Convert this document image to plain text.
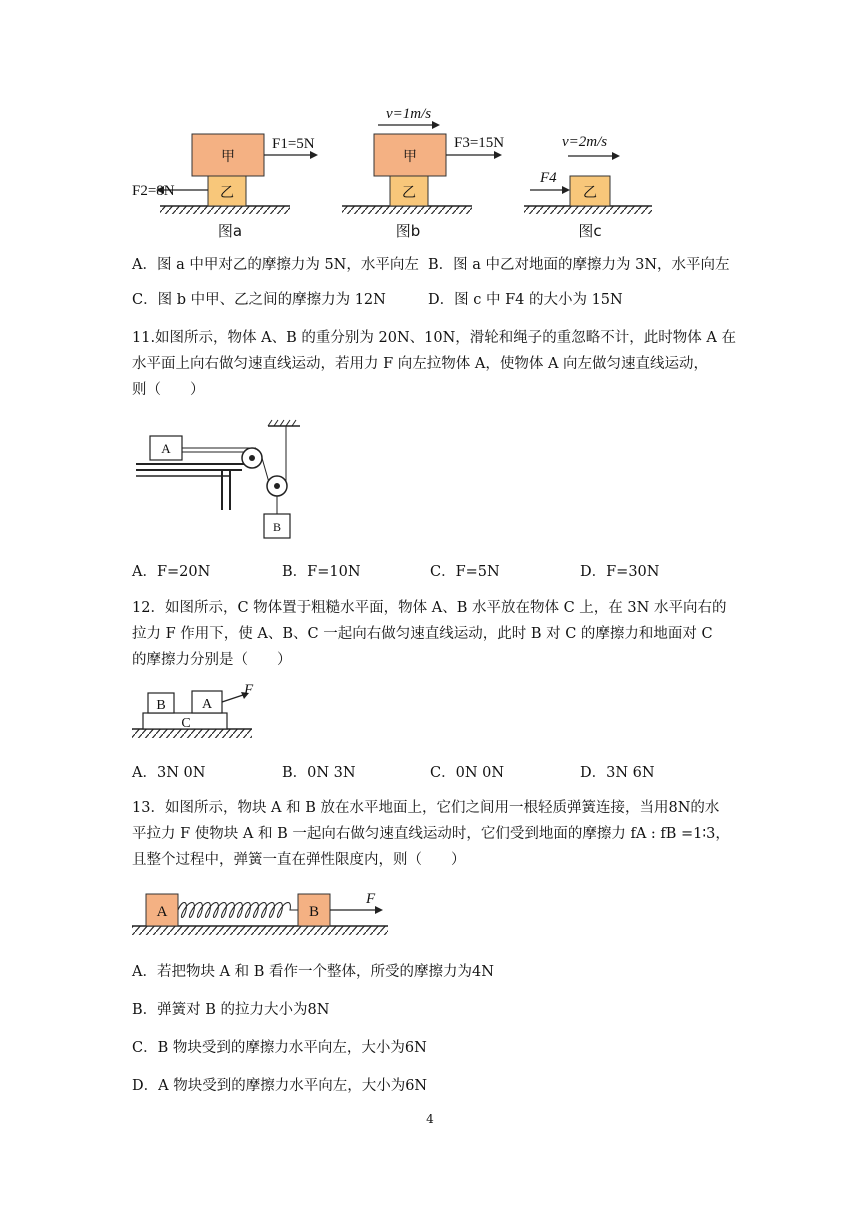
甲
乙
F1=5N
F2=8N
图a
v=1m/s
甲
乙
F3=15N
图b
v=2m/s
乙
F4
图c
A．图 a 中甲对乙的摩擦力为 5N，水平向左 B．图 a 中乙对地面的摩擦力为 3N，水平向左
C．图 b 中甲、乙之间的摩擦力为 12N	D．图 c 中 F4 的大小为 15N
11.如图所示，物体 A、B 的重分别为 20N、10N，滑轮和绳子的重忽略不计，此时物体 A 在
水平面上向右做匀速直线运动，若用力 F 向左拉物体 A，使物体 A 向左做匀速直线运动，
则（　　）
A
B
A．F=20N	B．F=10N	C．F=5N	D．F=30N
12．如图所示，C 物体置于粗糙水平面，物体 A、B 水平放在物体 C 上，在 3N 水平向右的
拉力 F 作用下，使 A、B、C 一起向右做匀速直线运动，此时 B 对 C 的摩擦力和地面对 C
的摩擦力分别是（　　）
C
B	A
F
A．3N 0N	B．0N 3N	C．0N 0N	D．3N 6N
13．如图所示，物块 A 和 B 放在水平地面上，它们之间用一根轻质弹簧连接，当用8N的水
平拉力 F 使物块 A 和 B 一起向右做匀速直线运动时，它们受到地面的摩擦力 fA : fB =1∶3，
且整个过程中，弹簧一直在弹性限度内，则（　　）
A	B
F
A．若把物块 A 和 B 看作一个整体，所受的摩擦力为4N
B．弹簧对 B 的拉力大小为8N
C．B 物块受到的摩擦力水平向左，大小为6N
D．A 物块受到的摩擦力水平向左，大小为6N
4
